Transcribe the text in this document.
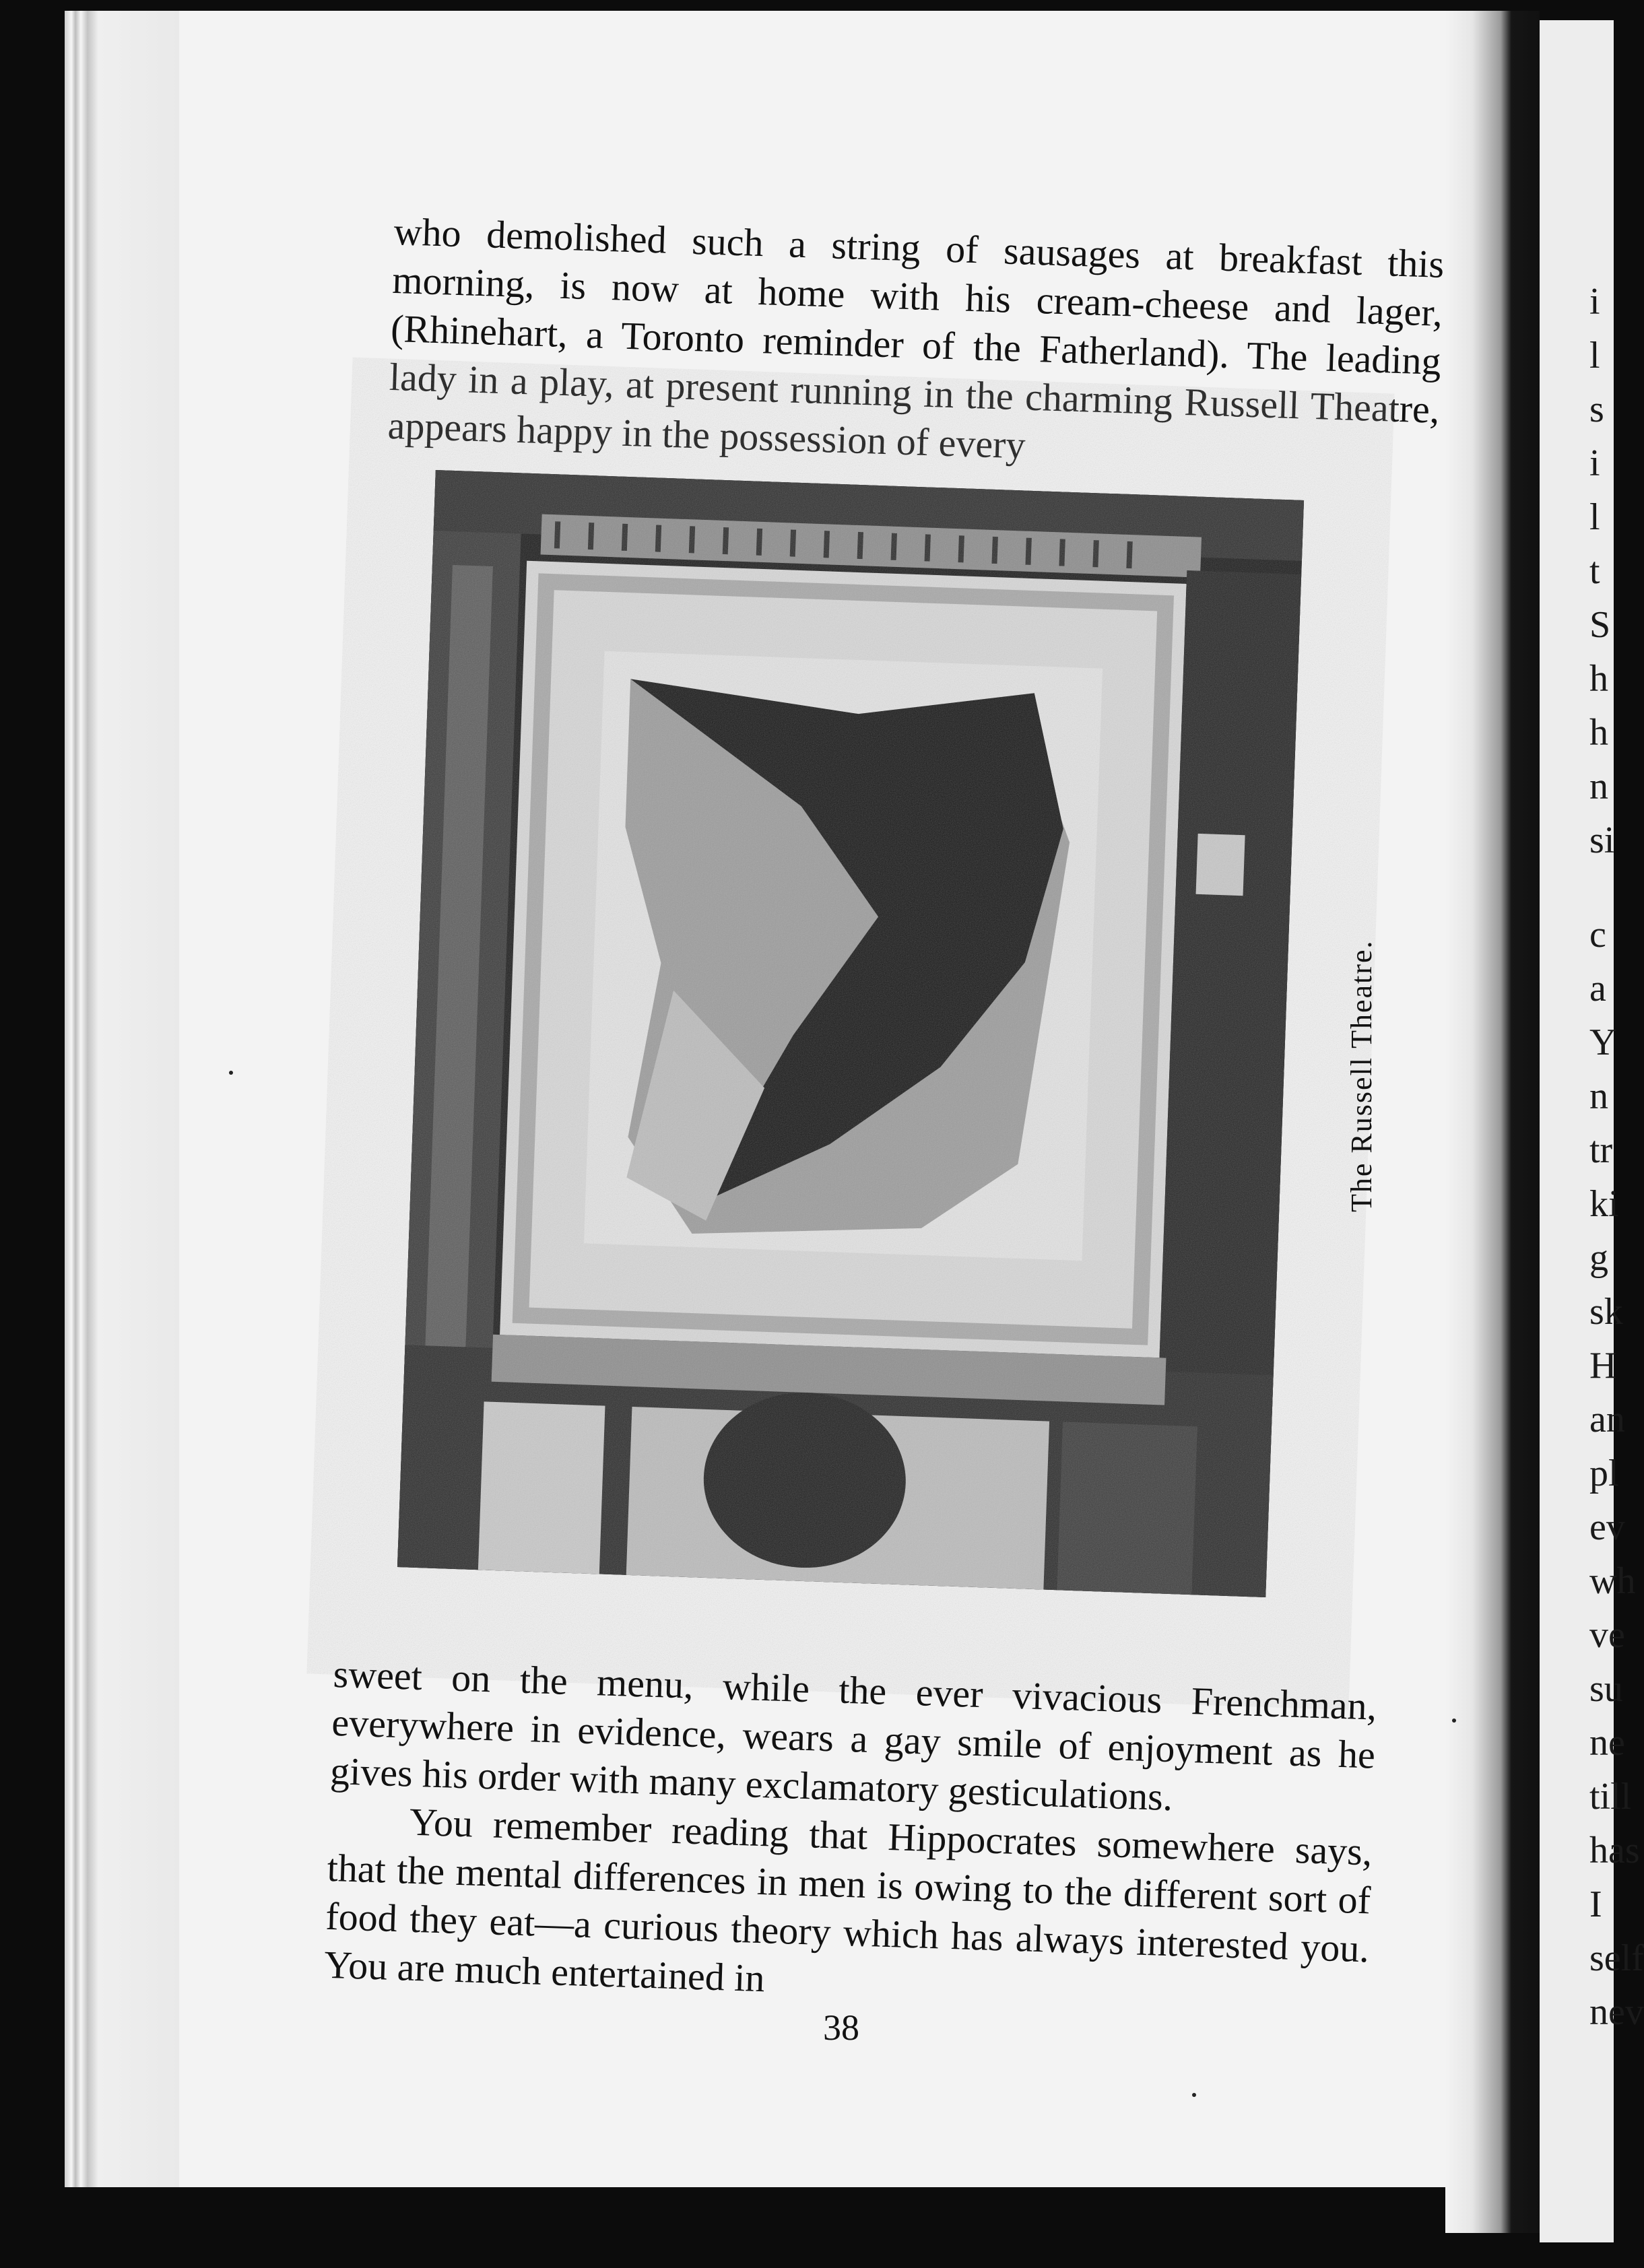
who demolished such a string of sausages at breakfast this morning, is now at home with his cream-cheese and lager, (Rhinehart, a Toronto reminder of the Fatherland). The leading lady in a play, at present running in the charming Russell Theatre, appears happy in the possession of every

The Russell Theatre.
sweet on the menu, while the ever vivacious Frenchman, everywhere in evidence, wears a gay smile of enjoyment as he gives his order with many exclamatory gesticulations.
You remember reading that Hippocrates somewhere says, that the mental differences in men is owing to the different sort of food they eat—a curious theory which has always interested you. You are much entertained in
38
i
l
s
i
l
t
S
h
h
n
si
c
a
Y
n
tr
ki
g
sk
H
an
pl
ev
wh
ve
su
ne
till
has
I
self
nev
